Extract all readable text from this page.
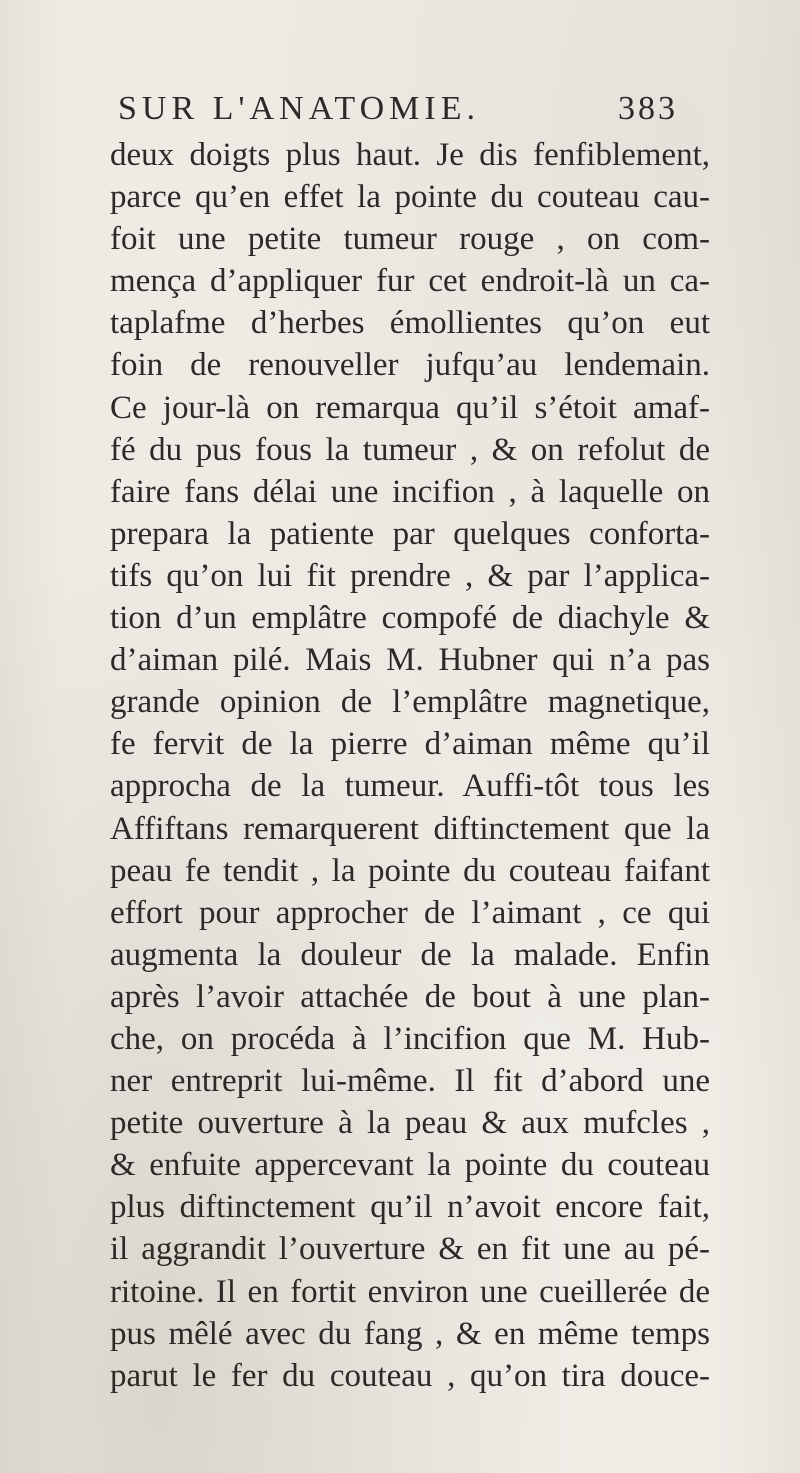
SUR L'ANATOMIE.	383
deux doigts plus haut. Je dis fenfiblement,
parce qu’en effet la pointe du couteau cau-
foit une petite tumeur rouge , on com-
mença d’appliquer fur cet endroit-là un ca-
taplafme d’herbes émollientes qu’on eut
foin de renouveller jufqu’au lendemain.
Ce jour-là on remarqua qu’il s’étoit amaf-
fé du pus fous la tumeur , & on refolut de
faire fans délai une incifion , à laquelle on
prepara la patiente par quelques conforta-
tifs qu’on lui fit prendre , & par l’applica-
tion d’un emplâtre compofé de diachyle &
d’aiman pilé. Mais M. Hubner qui n’a pas
grande opinion de l’emplâtre magnetique,
fe fervit de la pierre d’aiman même qu’il
approcha de la tumeur. Auffi-tôt tous les
Affiftans remarquerent diftinctement que la
peau fe tendit , la pointe du couteau faifant
effort pour approcher de l’aimant , ce qui
augmenta la douleur de la malade. Enfin
après l’avoir attachée de bout à une plan-
che, on procéda à l’incifion que M. Hub-
ner entreprit lui-même. Il fit d’abord une
petite ouverture à la peau & aux mufcles ,
& enfuite appercevant la pointe du couteau
plus diftinctement qu’il n’avoit encore fait,
il aggrandit l’ouverture & en fit une au pé-
ritoine. Il en fortit environ une cueillerée de
pus mêlé avec du fang , & en même temps
parut le fer du couteau , qu’on tira douce-
